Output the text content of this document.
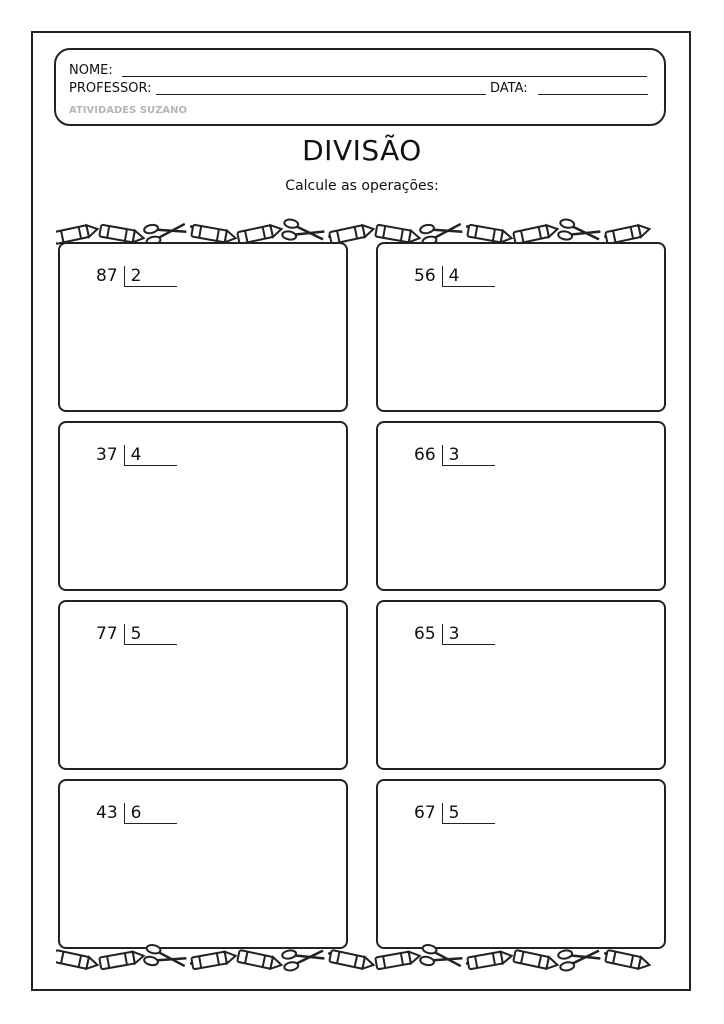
NOME:
PROFESSOR:	DATA:
ATIVIDADES SUZANO
DIVISÃO
Calcule as operações:
87 2	56 4
37 4	66 3
77 5	65 3
43 6	67 5
